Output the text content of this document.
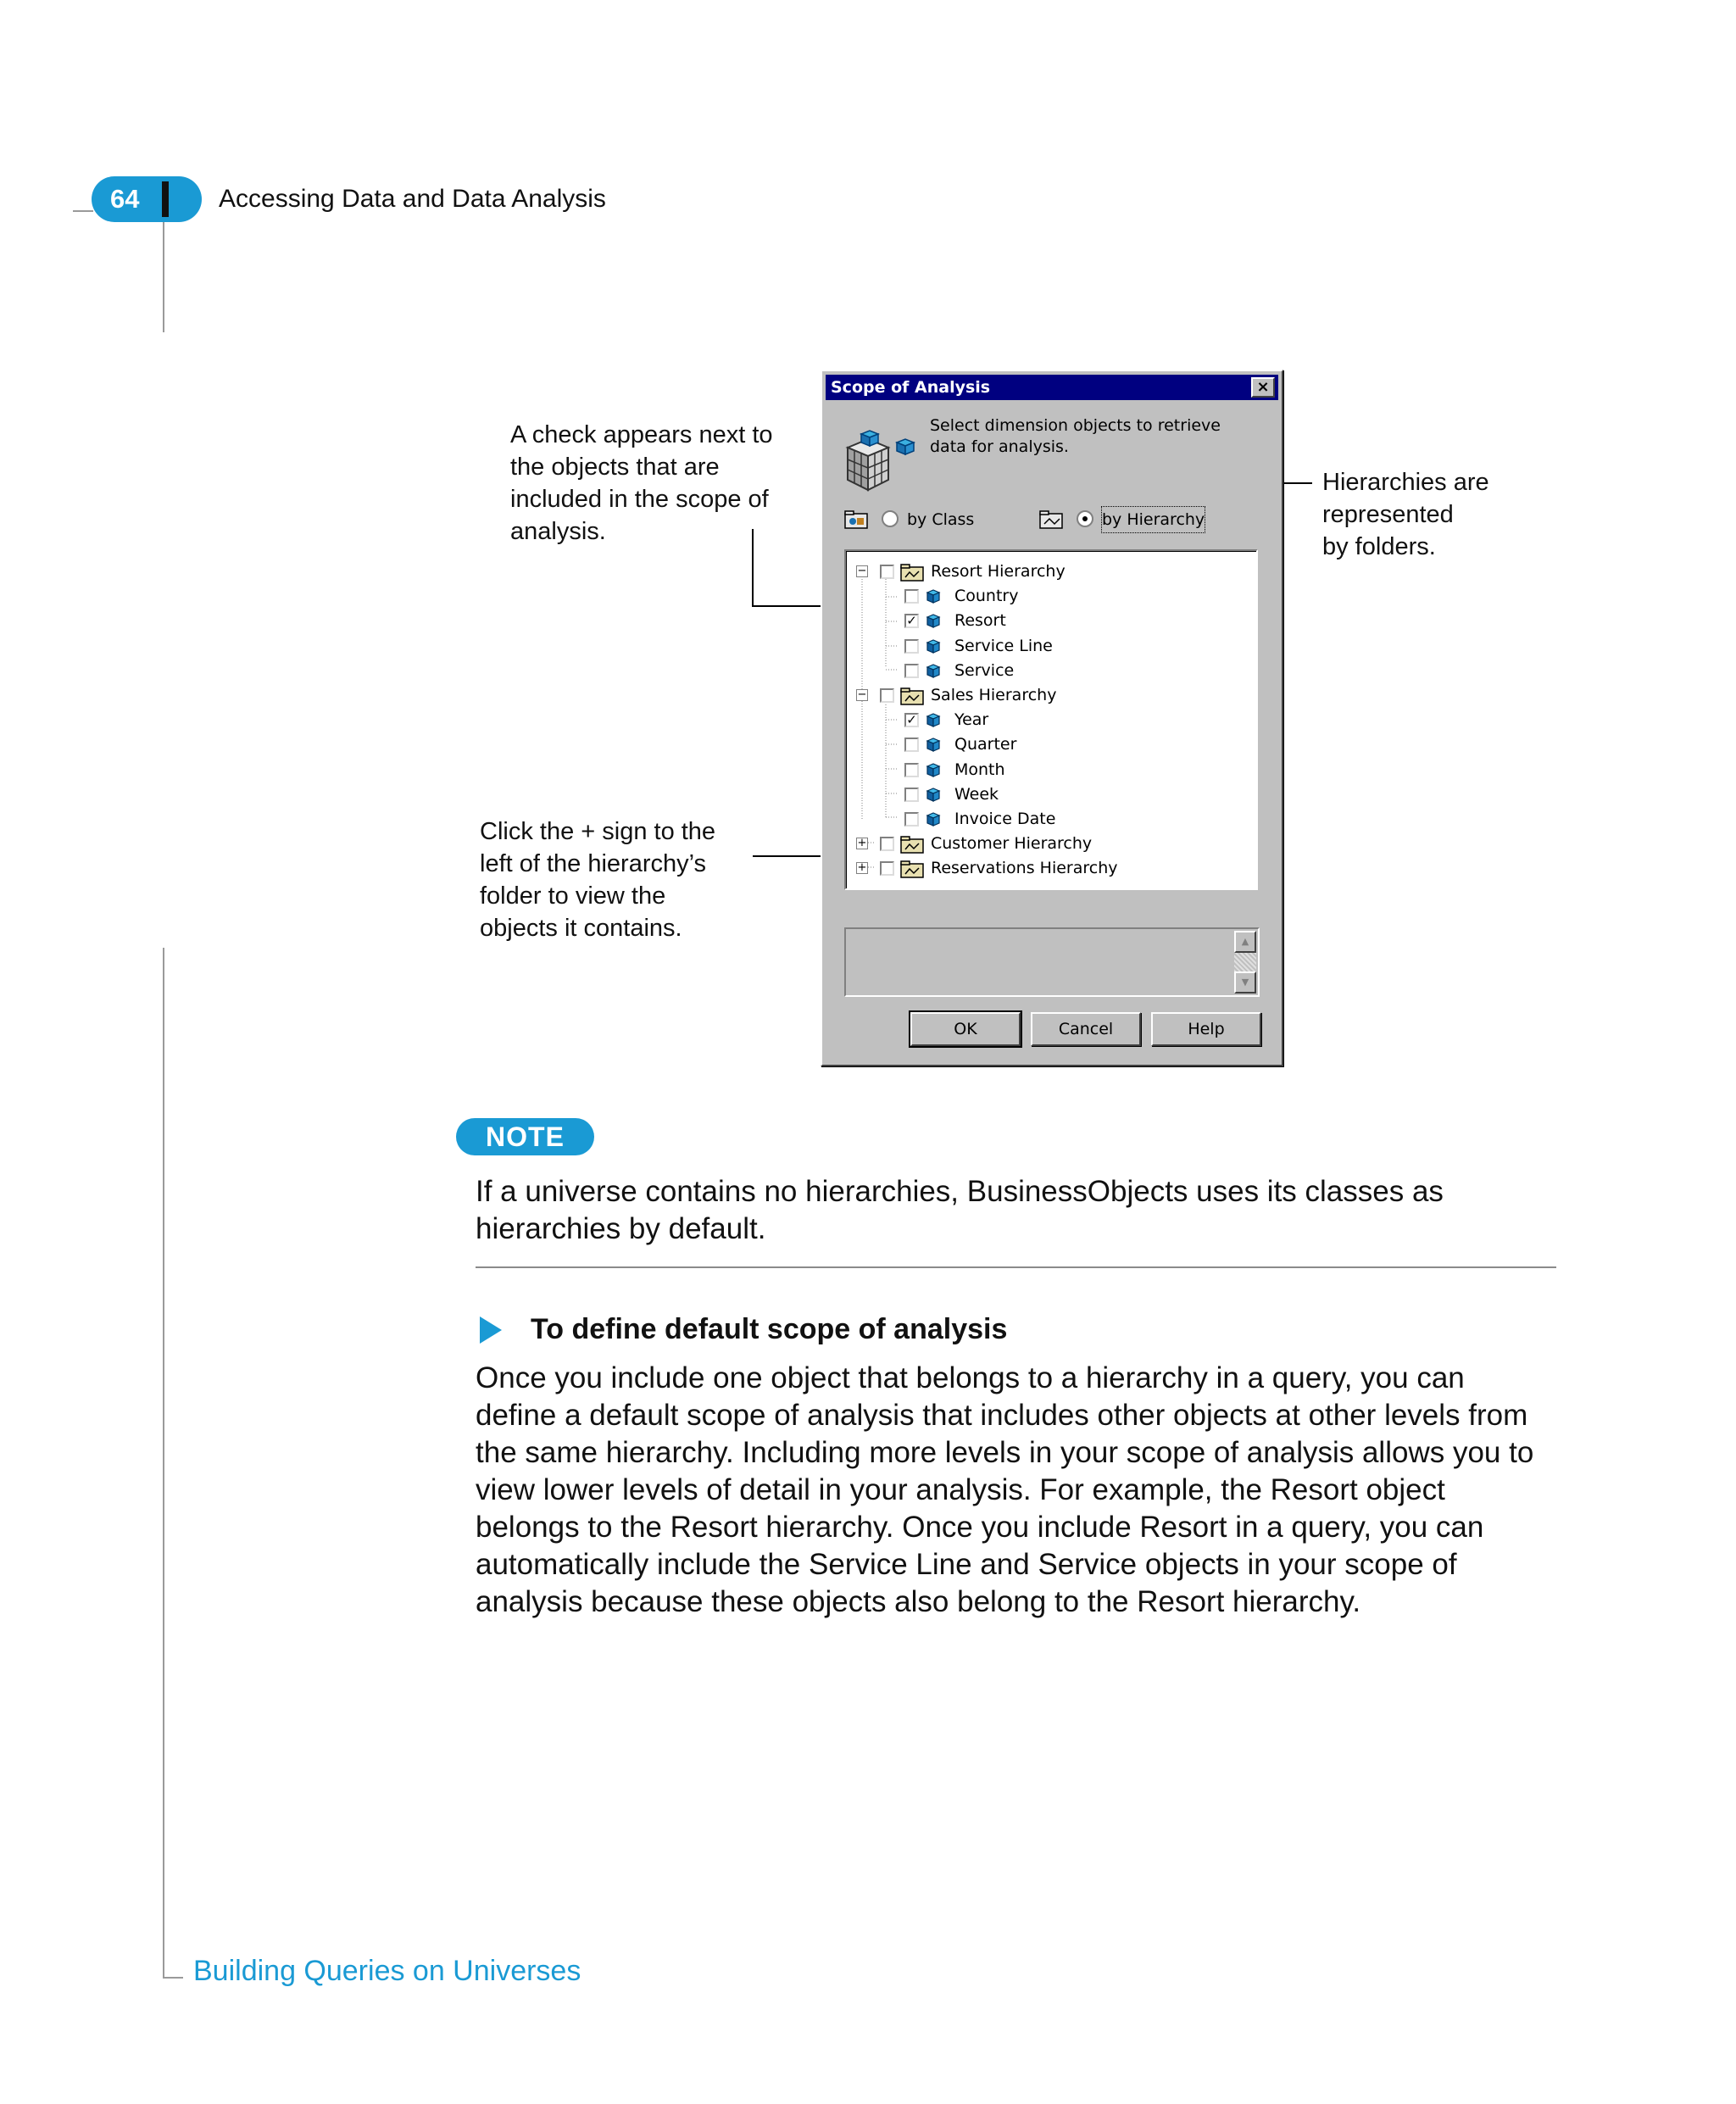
64	Accessing Data and Data Analysis
A check appears next to
the objects that are
included in the scope of
analysis.
Hierarchies are
represented
by folders.
Click the + sign to the
left of the hierarchy’s
folder to view the
objects it contains.
Scope of Analysis	×
Select dimension objects to retrieve data for analysis.
by Class	by Hierarchy
−	Resort Hierarchy
Country
✓ Resort
Service Line
Service
−	Sales Hierarchy
✓ Year
Quarter
Month
Week
Invoice Date
+	Customer Hierarchy
+	Reservations Hierarchy
▲
▼
OK	Cancel	Help
NOTE
If a universe contains no hierarchies, BusinessObjects uses its classes as hierarchies by default.
To define default scope of analysis
Once you include one object that belongs to a hierarchy in a query, you can
define a default scope of analysis that includes other objects at other levels from
the same hierarchy. Including more levels in your scope of analysis allows you to
view lower levels of detail in your analysis. For example, the Resort object
belongs to the Resort hierarchy. Once you include Resort in a query, you can
automatically include the Service Line and Service objects in your scope of
analysis because these objects also belong to the Resort hierarchy.
Building Queries on Universes
